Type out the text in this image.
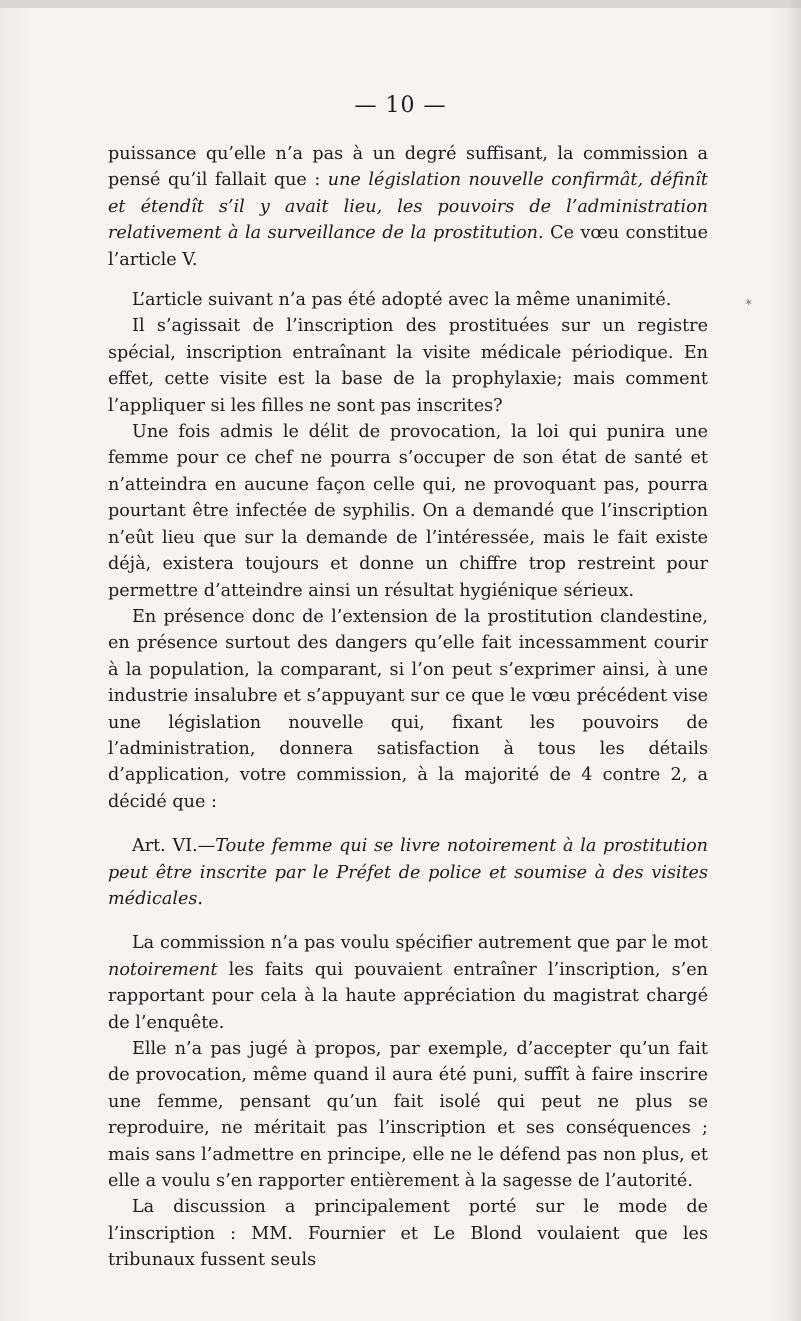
— 10 —
✶

puissance qu’elle n’a pas à un degré suffisant, la commission a pensé qu’il fallait que : une législation nouvelle confirmât, définît et étendît s’il y avait lieu, les pouvoirs de l’administration relativement à la surveillance de la prostitution. Ce vœu constitue l’article V.

L’article suivant n’a pas été adopté avec la même unanimité.

Il s’agissait de l’inscription des prostituées sur un registre spécial, inscription entraînant la visite médicale périodique. En effet, cette visite est la base de la prophylaxie; mais comment l’appliquer si les filles ne sont pas inscrites?

Une fois admis le délit de provocation, la loi qui punira une femme pour ce chef ne pourra s’occuper de son état de santé et n’atteindra en aucune façon celle qui, ne provoquant pas, pourra pourtant être infectée de syphilis. On a demandé que l’inscription n’eût lieu que sur la demande de l’intéressée, mais le fait existe déjà, existera toujours et donne un chiffre trop restreint pour permettre d’atteindre ainsi un résultat hygiénique sérieux.

En présence donc de l’extension de la prostitution clandestine, en présence surtout des dangers qu’elle fait incessamment courir à la population, la comparant, si l’on peut s’exprimer ainsi, à une industrie insalubre et s’appuyant sur ce que le vœu précédent vise une législation nouvelle qui, fixant les pouvoirs de l’administration, donnera satisfaction à tous les détails d’application, votre commission, à la majorité de 4 contre 2, a décidé que :

Art. VI.—Toute femme qui se livre notoirement à la prostitution peut être inscrite par le Préfet de police et soumise à des visites médicales.

La commission n’a pas voulu spécifier autrement que par le mot notoirement les faits qui pouvaient entraîner l’inscription, s’en rapportant pour cela à la haute appréciation du magistrat chargé de l’enquête.

Elle n’a pas jugé à propos, par exemple, d’accepter qu’un fait de provocation, même quand il aura été puni, suffît à faire inscrire une femme, pensant qu’un fait isolé qui peut ne plus se reproduire, ne méritait pas l’inscription et ses conséquences ; mais sans l’admettre en principe, elle ne le défend pas non plus, et elle a voulu s’en rapporter entièrement à la sagesse de l’autorité.

La discussion a principalement porté sur le mode de l’inscription : MM. Fournier et Le Blond voulaient que les tribunaux fussent seuls
